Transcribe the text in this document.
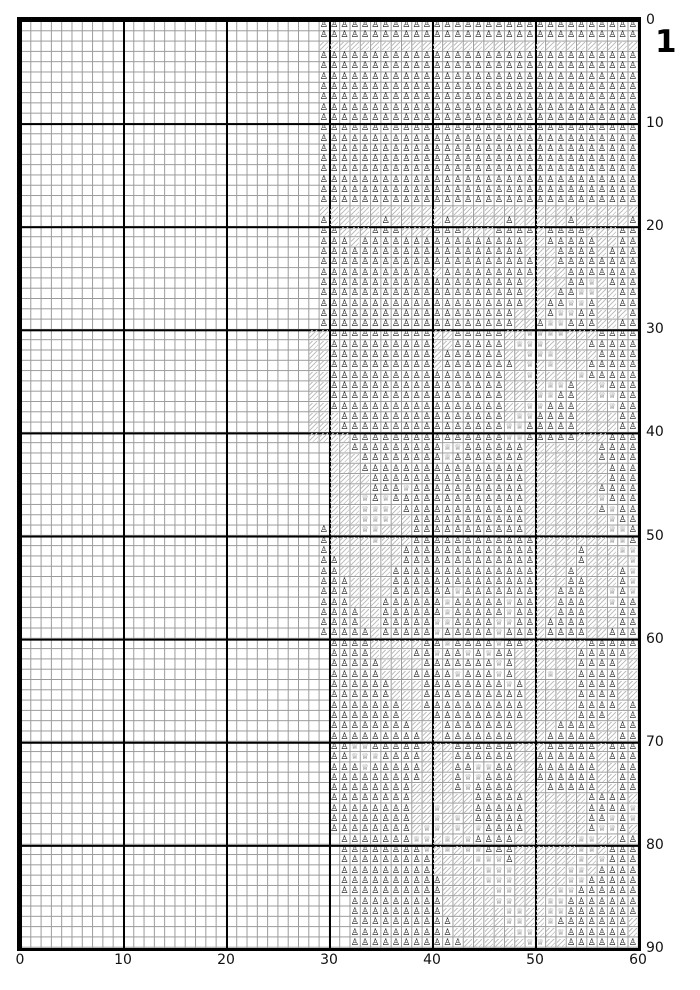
♙ ♙ ♙ ♙ ♙ ♙ ♙ ♙ ♙ ♙ ♙ ♙ ♙ ♙ ♙ ♙ ♙ ♙ ♙ ♙ ♙ ♙ ♙ ♙ ♙ ♙ ♙ ♙ ♙ ♙ ♙
♙ ♙ ♙ ♙ ♙ ♙ ♙ ♙ ♙ ♙ ♙ ♙ ♙ ♙ ♙ ♙ ♙ ♙ ♙ ♙ ♙ ♙ ♙ ♙ ♙ ♙ ♙ ♙ ♙ ♙ ♙
♙ ♙ ♙ ♙ ♙ ♙ ♙ ♙ ♙ ♙ ♙ ♙ ♙ ♙ ♙ ♙ ♙ ♙ ♙ ♙ ♙ ♙ ♙ ♙ ♙ ♙ ♙ ♙ ♙ ♙ ♙
♙ ♙ ♙ ♙ ♙ ♙ ♙ ♙ ♙ ♙ ♙ ♙ ♙ ♙ ♙ ♙ ♙ ♙ ♙ ♙ ♙ ♙ ♙ ♙ ♙ ♙ ♙ ♙ ♙ ♙ ♙
♙ ♙ ♙ ♙ ♙ ♙ ♙ ♙ ♙ ♙ ♙ ♙ ♙ ♙ ♙ ♙ ♙ ♙ ♙ ♙ ♙ ♙ ♙ ♙ ♙ ♙ ♙ ♙ ♙ ♙ ♙
♙ ♙ ♙ ♙ ♙ ♙ ♙ ♙ ♙ ♙ ♙ ♙ ♙ ♙ ♙ ♙ ♙ ♙ ♙ ♙ ♙ ♙ ♙ ♙ ♙ ♙ ♙ ♙ ♙ ♙ ♙
♙ ♙ ♙ ♙ ♙ ♙ ♙ ♙ ♙ ♙ ♙ ♙ ♙ ♙ ♙ ♙ ♙ ♙ ♙ ♙ ♙ ♙ ♙ ♙ ♙ ♙ ♙ ♙ ♙ ♙ ♙
♙ ♙ ♙ ♙ ♙ ♙ ♙ ♙ ♙ ♙ ♙ ♙ ♙ ♙ ♙ ♙ ♙ ♙ ♙ ♙ ♙ ♙ ♙ ♙ ♙ ♙ ♙ ♙ ♙ ♙ ♙
♙ ♙ ♙ ♙ ♙ ♙ ♙ ♙ ♙ ♙ ♙ ♙ ♙ ♙ ♙ ♙ ♙ ♙ ♙ ♙ ♙ ♙ ♙ ♙ ♙ ♙ ♙ ♙ ♙ ♙ ♙
♙ ♙ ♙ ♙ ♙ ♙ ♙ ♙ ♙ ♙ ♙ ♙ ♙ ♙ ♙ ♙ ♙ ♙ ♙ ♙ ♙ ♙ ♙ ♙ ♙ ♙ ♙ ♙ ♙ ♙ ♙
♙ ♙ ♙ ♙ ♙ ♙ ♙ ♙ ♙ ♙ ♙ ♙ ♙ ♙ ♙ ♙ ♙ ♙ ♙ ♙ ♙ ♙ ♙ ♙ ♙ ♙ ♙ ♙ ♙ ♙ ♙
♙ ♙ ♙ ♙ ♙ ♙ ♙ ♙ ♙ ♙ ♙ ♙ ♙ ♙ ♙ ♙ ♙ ♙ ♙ ♙ ♙ ♙ ♙ ♙ ♙ ♙ ♙ ♙ ♙ ♙ ♙
♙ ♙ ♙ ♙ ♙ ♙ ♙ ♙ ♙ ♙ ♙ ♙ ♙ ♙ ♙ ♙ ♙ ♙ ♙ ♙ ♙ ♙ ♙ ♙ ♙ ♙ ♙ ♙ ♙ ♙ ♙
♙ ♙ ♙ ♙ ♙ ♙ ♙ ♙ ♙ ♙ ♙ ♙ ♙ ♙ ♙ ♙ ♙ ♙ ♙ ♙ ♙ ♙ ♙ ♙ ♙ ♙ ♙ ♙ ♙ ♙ ♙
♙ ♙ ♙ ♙ ♙ ♙ ♙ ♙ ♙ ♙ ♙ ♙ ♙ ♙ ♙ ♙ ♙ ♙ ♙ ♙ ♙ ♙ ♙ ♙ ♙ ♙ ♙ ♙ ♙ ♙ ♙
♙ ♙ ♙ ♙ ♙ ♙ ♙ ♙ ♙ ♙ ♙ ♙ ♙ ♙ ♙ ♙ ♙ ♙ ♙ ♙ ♙ ♙ ♙ ♙ ♙ ♙ ♙ ♙ ♙ ♙ ♙
♙ ♙ ♙ ♙ ♙ ♙ ♙ ♙ ♙ ♙ ♙ ♙ ♙ ♙ ♙ ♙ ♙ ♙ ♙ ♙ ♙ ♙ ♙ ♙ ♙ ♙ ♙ ♙ ♙ ♙ ♙
♙	♙	♙	♙	♙	♙
♙ ♙	♙ ♙ ♙	♙ ♙ ♙	♙ ♙ ♙ ♙ ♙ ♙ ♙ ♙	♙ ♙
♙ ♙ ♙ ♙ ♙ ♙ ♙ ♙ ♙ ♙ ♙ ♙ ♙ ♙ ♙ ♙ ♙ ♙ ♙	♙ ♙ ♙ ♙ ♙	♙ ♙
♙ ♙ ♙ ♙ ♙ ♙ ♙ ♙ ♙ ♙ ♙ ♙ ♙ ♙ ♙ ♙ ♙ ♙ ♙ ♙	♙ ♙ ♙ ♙ ♙ ♙ ♙
♙ ♙ ♙ ♙ ♙ ♙ ♙ ♙ ♙ ♙ ♙ ♙ ♙ ♙ ♙ ♙ ♙ ♙ ♙ ♙ ♙	♙ ♙ ♙ ♙ ♙ ♙ ♙ ♙
♙ ♙ ♙ ♙ ♙ ♙ ♙ ♙ ♙ ♙ ♙ ♙ ♙ ♙ ♙ ♙ ♙ ♙ ♙ ♙	♙ ♙ ♙ ♙ ♙ ♙ ♙
♙ ♙ ♙ ♙ ♙ ♙ ♙ ♙ ♙ ♙ ♙ ♙ ♙ ♙ ♙ ♙ ♙ ♙ ♙ ♙	♙ ♙ ♕ ♙ ♙ ♙
♙ ♙ ♙ ♙ ♙ ♙ ♙ ♙ ♙ ♙ ♙ ♙ ♙ ♙ ♙ ♙ ♙ ♙ ♙ ♙	♙ ♙ ♕ ♕	♙ ♙
♙ ♙ ♙ ♙ ♙ ♙ ♙ ♙ ♙ ♙ ♙ ♙ ♙ ♙ ♙ ♙ ♙ ♙ ♙ ♙	♙ ♙ ♕ ♕ ♙	♙ ♙
♙ ♙ ♙ ♙ ♙ ♙ ♙ ♙ ♙ ♙ ♙ ♙ ♙ ♙ ♙ ♙ ♙ ♙ ♙	♙ ♕ ♕ ♙ ♙	♙
♙ ♙ ♙ ♙ ♙ ♙ ♙ ♙ ♙ ♙ ♙ ♙ ♙ ♙ ♙ ♙ ♙ ♙ ♙	♙ ♕ ♕ ♙ ♙ ♙	♙ ♙
♙ ♙ ♙ ♙ ♙ ♙ ♙ ♙ ♙ ♙	♙ ♙ ♙ ♙ ♙	♕ ♕ ♕ ♕	♙ ♙ ♙ ♙
♙ ♙ ♙ ♙ ♙ ♙ ♙ ♙ ♙ ♙	♙ ♙ ♙ ♙ ♙ ♕ ♕ ♕	♙ ♙ ♙ ♙ ♙
♙ ♙ ♙ ♙ ♙ ♙ ♙ ♙ ♙ ♙ ♙ ♙ ♙ ♙ ♙ ♙	♕ ♕ ♕	♙ ♙ ♙ ♙
♙ ♙ ♙ ♙ ♙ ♙ ♙ ♙ ♙ ♙ ♙ ♙ ♙ ♙ ♙ ♙ ♙ ♕ ♕	♙ ♙ ♙ ♙ ♙
♙ ♙ ♙ ♙ ♙ ♙ ♙ ♙ ♙ ♙ ♙ ♙ ♙ ♙ ♙ ♙ ♙	♕	♕ ♙ ♙ ♙ ♙ ♙
♙ ♙ ♙ ♙ ♙ ♙ ♙ ♙ ♙ ♙ ♙ ♙ ♙ ♙ ♙ ♙ ♙	♕ ♕ ♙	♕ ♙ ♙ ♙
♙ ♙ ♙ ♙ ♙ ♙ ♙ ♙ ♙ ♙ ♙ ♙ ♙ ♙ ♙ ♙ ♙	♕ ♕ ♙ ♙	♕ ♕ ♙ ♙
♙ ♙ ♙ ♙ ♙ ♙ ♙ ♙ ♙ ♙ ♙ ♙ ♙ ♙ ♙ ♙ ♙	♕ ♕ ♙ ♙ ♙	♕ ♙ ♙
♙ ♙ ♙ ♙ ♙ ♙ ♙ ♙ ♙ ♙ ♙ ♙ ♙ ♙ ♙ ♙ ♕ ♕ ♙ ♙ ♙ ♙	♙ ♙
♙ ♙ ♙ ♙ ♙ ♙ ♙ ♙ ♙ ♙ ♙ ♙ ♙ ♙ ♙ ♙ ♕ ♕ ♙ ♙ ♙ ♙ ♙	♙ ♙
♙ ♙ ♙ ♙ ♙ ♙ ♙ ♙ ♙ ♙ ♙ ♙ ♙ ♙ ♙ ♕ ♕ ♙ ♙ ♙ ♙ ♙	♙ ♙ ♙
♙ ♙ ♙ ♙ ♙ ♙ ♙ ♙ ♙ ♕ ♕ ♙ ♙ ♙ ♙ ♙ ♙	♙ ♙ ♙ ♙
♙ ♙ ♙ ♙ ♙ ♙ ♙ ♙ ♕ ♙ ♙ ♙ ♙ ♙ ♙ ♙	♙ ♙ ♙ ♙
♙ ♙ ♙ ♙ ♙ ♙ ♙ ♙ ♙ ♙ ♙ ♙ ♙ ♙ ♙ ♙	♙ ♙ ♙
♙ ♙ ♙ ♙ ♙ ♙ ♙ ♙ ♙ ♙ ♙ ♙ ♙ ♙ ♙	♙ ♙ ♙
♙ ♙ ♙ ♕ ♙ ♙ ♙ ♙ ♙ ♙ ♙ ♙ ♙ ♙ ♙	♙ ♙ ♙ ♙
♕ ♙ ♕ ♙ ♙ ♙ ♙ ♙ ♙ ♙ ♙ ♙ ♙ ♙ ♙ ♙	♕ ♙ ♙ ♙
♕ ♕ ♕ ♙ ♙ ♙ ♙ ♙ ♙ ♙ ♙ ♙ ♙ ♙ ♙	♙ ♕ ♙ ♙
♕ ♕ ♕	♙ ♙ ♙ ♙ ♙ ♙ ♙ ♙ ♙ ♙ ♙	♕ ♙ ♙
♙	♕ ♕	♙ ♙ ♙ ♙ ♙ ♙ ♙ ♙ ♙ ♙ ♙	♕ ♕ ♙
♙	♕	♙ ♙ ♙ ♙ ♙ ♙ ♙ ♙ ♙ ♙ ♙ ♙	♕ ♕ ♙
♙	♙ ♙ ♙ ♙ ♙ ♙ ♙ ♙ ♙ ♙ ♙ ♙ ♙	♙	♕ ♕
♙ ♙	♙ ♙ ♙ ♙ ♙ ♙ ♙ ♙ ♙ ♙ ♙ ♙ ♙	♙	♕
♙ ♙	♙ ♙ ♙ ♙ ♙ ♙ ♙ ♙ ♙ ♙ ♙ ♙ ♙ ♙	♙	♙ ♕
♙ ♙ ♙	♙ ♙ ♙ ♙ ♙ ♙ ♙ ♙ ♙ ♙ ♙ ♙ ♙ ♙	♙ ♙	♙ ♕
♙ ♙ ♙	♙ ♙ ♙ ♙ ♙ ♙ ♕ ♙ ♙ ♙ ♙ ♙ ♙ ♙	♙ ♙ ♙	♕ ♙ ♕
♙ ♙ ♙	♙ ♙ ♙ ♙ ♙ ♙ ♕ ♙ ♙ ♙ ♙ ♙ ♕ ♙ ♙	♙ ♙ ♙	♕ ♙ ♙
♙ ♙ ♙ ♙	♙ ♙ ♙ ♙ ♙ ♙ ♕ ♙ ♙ ♙ ♙ ♙ ♕ ♙ ♙	♙ ♙ ♙	♙ ♙
♙ ♙ ♙ ♙	♙ ♙ ♙ ♙ ♙ ♕ ♕ ♙ ♙ ♙ ♙ ♕ ♕ ♙ ♙ ♙ ♙ ♙ ♙	♙ ♙
♙ ♙ ♙ ♙ ♙ ♙ ♙ ♙ ♙ ♙ ♕ ♙ ♙ ♙ ♙ ♙ ♕ ♙ ♙ ♙ ♙ ♙ ♙ ♙	♙ ♙ ♙
♙ ♙ ♙ ♙	♙ ♙ ♕ ♙ ♙ ♙ ♙ ♕ ♙ ♙	♙ ♙ ♙ ♙ ♙
♙ ♙ ♙ ♙	♙ ♙ ♕ ♙ ♙ ♕ ♙ ♕ ♙ ♙	♙ ♙ ♙ ♙ ♙
♙ ♙ ♙ ♙ ♙	♙ ♙ ♙ ♙ ♙ ♙ ♙ ♕ ♙	♙ ♙ ♙ ♙
♙ ♙ ♙ ♙ ♙	♙ ♙ ♙ ♙ ♕ ♙ ♙ ♙ ♕ ♙	♕	♙ ♙ ♙ ♙
♙ ♙ ♙ ♙ ♙ ♙	♙ ♙ ♙ ♙ ♙ ♙ ♙ ♙ ♕ ♙	♙ ♙ ♙ ♙
♙ ♙ ♙ ♙ ♙ ♙	♙ ♙ ♙ ♙ ♙ ♙ ♙ ♙ ♙ ♙	♙ ♙ ♙ ♙
♙ ♙ ♙ ♙ ♙ ♙ ♙	♙ ♙ ♙ ♙ ♙ ♙ ♙ ♙ ♙ ♙	♙ ♙ ♙ ♙ ♙
♙ ♙ ♙ ♙ ♙ ♙ ♙	♙ ♙ ♙ ♙ ♙ ♙ ♙ ♙ ♙	♙ ♙ ♙	♙
♙ ♙ ♙ ♙ ♙ ♙ ♙ ♙	♙ ♙ ♙ ♙ ♙ ♙ ♙	♙ ♙ ♙ ♙	♙ ♙
♙ ♙ ♙ ♙ ♙ ♙ ♙ ♙ ♙	♙ ♙ ♙ ♙ ♙ ♙ ♙	♙ ♙ ♙ ♙ ♙	♙ ♙
♙ ♙ ♕ ♕ ♙ ♙ ♙ ♙ ♙	♙ ♙ ♙ ♙ ♙ ♙	♙ ♙ ♙ ♙ ♙ ♙ ♙ ♙
♙ ♙ ♕ ♕ ♕ ♙ ♙ ♙ ♙	♙ ♙ ♙ ♙ ♙ ♙	♙ ♙ ♙ ♙ ♙ ♙ ♙ ♙ ♙
♙ ♙ ♙ ♕ ♙ ♙ ♙ ♙ ♙	♙ ♙ ♕ ♕ ♙ ♙	♙ ♙ ♙ ♙ ♙ ♙	♙ ♙
♙ ♙ ♙ ♙ ♙ ♙ ♙ ♙ ♙	♙ ♕ ♕ ♙ ♙ ♙	♙ ♙ ♙ ♙ ♙ ♙	♙ ♙
♙ ♙ ♙ ♙ ♙ ♙ ♙ ♙	♙ ♕ ♙ ♙ ♙ ♙	♙ ♙ ♙ ♙ ♙	♙ ♙
♙ ♙ ♙ ♙ ♙ ♙ ♙ ♙	♙ ♙ ♙ ♙ ♙	♙ ♙ ♙ ♙
♙ ♙ ♙ ♙ ♙ ♙ ♙ ♙	♕	♙ ♙ ♙ ♙ ♙	♙ ♙ ♙ ♙ ♕
♙ ♙ ♙ ♙ ♙ ♙ ♙ ♙	♕ ♕ ♙ ♙ ♙ ♙ ♙	♙ ♙ ♕ ♙ ♕
♙ ♙ ♙ ♙ ♙ ♙ ♙ ♙ ♕ ♕ ♕ ♕ ♙ ♙ ♙ ♙	♙ ♕ ♕ ♙
♙ ♙ ♙ ♙ ♙ ♙ ♙ ♕ ♕ ♕ ♕ ♙ ♙ ♙ ♙	♕ ♕	♙ ♙
♙ ♙ ♙ ♙ ♙ ♙ ♙ ♙ ♕ ♕ ♕ ♕ ♙ ♙ ♙	♕ ♕ ♙ ♙ ♙
♙ ♙ ♙ ♙ ♙ ♙ ♙ ♙ ♙	♕ ♕ ♕ ♙	♕ ♕ ♙ ♙ ♙
♙ ♙ ♙ ♙ ♙ ♙ ♙ ♙ ♙	♕ ♕ ♕	♕ ♕ ♙ ♙ ♙ ♙
♙ ♙ ♙ ♙ ♙ ♙ ♙ ♙ ♙ ♙	♕ ♕ ♕	♕ ♕ ♙ ♙ ♙ ♙ ♙
♙ ♙ ♙ ♙ ♙ ♙ ♙ ♙ ♙ ♙	♕ ♕	♕ ♕ ♙ ♙ ♙ ♙ ♙ ♙
♙ ♙ ♙ ♙ ♙ ♙ ♙ ♙ ♙	♕ ♕	♕ ♕ ♙ ♙ ♙ ♙ ♙ ♙ ♙
♙ ♙ ♙ ♙ ♙ ♙ ♙ ♙ ♙	♕ ♕	♕ ♕ ♙ ♙ ♙ ♙ ♙ ♙ ♙
♙ ♙ ♙ ♙ ♙ ♙ ♙ ♙ ♙ ♙	♕ ♕	♕ ♙ ♙ ♙ ♙ ♙ ♙ ♙
♙ ♙ ♙ ♙ ♙ ♙ ♙ ♙ ♙ ♙	♕ ♕	♕ ♙ ♙ ♙ ♙ ♙ ♙
♙ ♙ ♙ ♙ ♙ ♙ ♙ ♙ ♙ ♙ ♙	♕ ♕	♙ ♙ ♙ ♙ ♙ ♙ ♙
0	10	20	30	40	50	60
0
10
20
30
40
50
60
70
80
90
1
